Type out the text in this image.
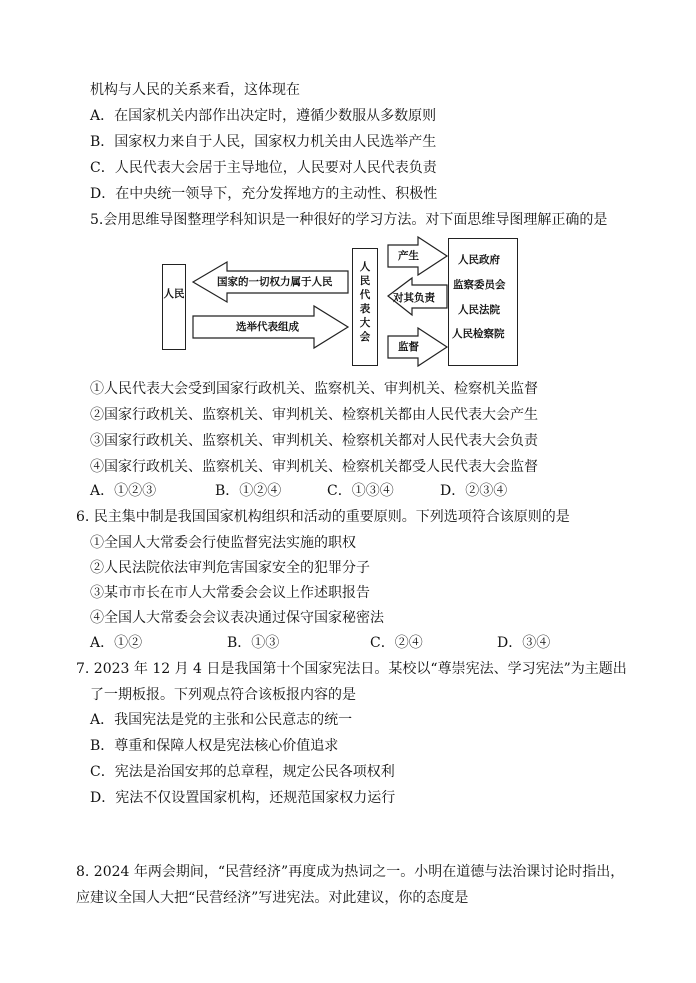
机构与人民的关系来看，这体现在
A．在国家机关内部作出决定时，遵循少数服从多数原则
B．国家权力来自于人民，国家权力机关由人民选举产生
C．人民代表大会居于主导地位，人民要对人民代表负责
D．在中央统一领导下，充分发挥地方的主动性、积极性
5.会用思维导图整理学科知识是一种很好的学习方法。对下面思维导图理解正确的是
人民
国家的一切权力属于人民
选举代表组成
人民代表大会
产生
对其负责
监督
人民政府
监察委员会
人民法院
人民检察院
①人民代表大会受到国家行政机关、监察机关、审判机关、检察机关监督
②国家行政机关、监察机关、审判机关、检察机关都由人民代表大会产生
③国家行政机关、监察机关、审判机关、检察机关都对人民代表大会负责
④国家行政机关、监察机关、审判机关、检察机关都受人民代表大会监督
A．①②③	B．①②④	C．①③④	D．②③④
6. 民主集中制是我国国家机构组织和活动的重要原则。下列选项符合该原则的是
①全国人大常委会行使监督宪法实施的职权
②人民法院依法审判危害国家安全的犯罪分子
③某市市长在市人大常委会会议上作述职报告
④全国人大常委会会议表决通过保守国家秘密法
A．①②	B．①③	C．②④	D．③④
7. 2023 年 12 月 4 日是我国第十个国家宪法日。某校以“尊崇宪法、学习宪法”为主题出
了一期板报。下列观点符合该板报内容的是
A．我国宪法是党的主张和公民意志的统一
B．尊重和保障人权是宪法核心价值追求
C．宪法是治国安邦的总章程，规定公民各项权利
D．宪法不仅设置国家机构，还规范国家权力运行
8. 2024 年两会期间，“民营经济”再度成为热词之一。小明在道德与法治课讨论时指出，
应建议全国人大把“民营经济”写进宪法。对此建议，你的态度是
